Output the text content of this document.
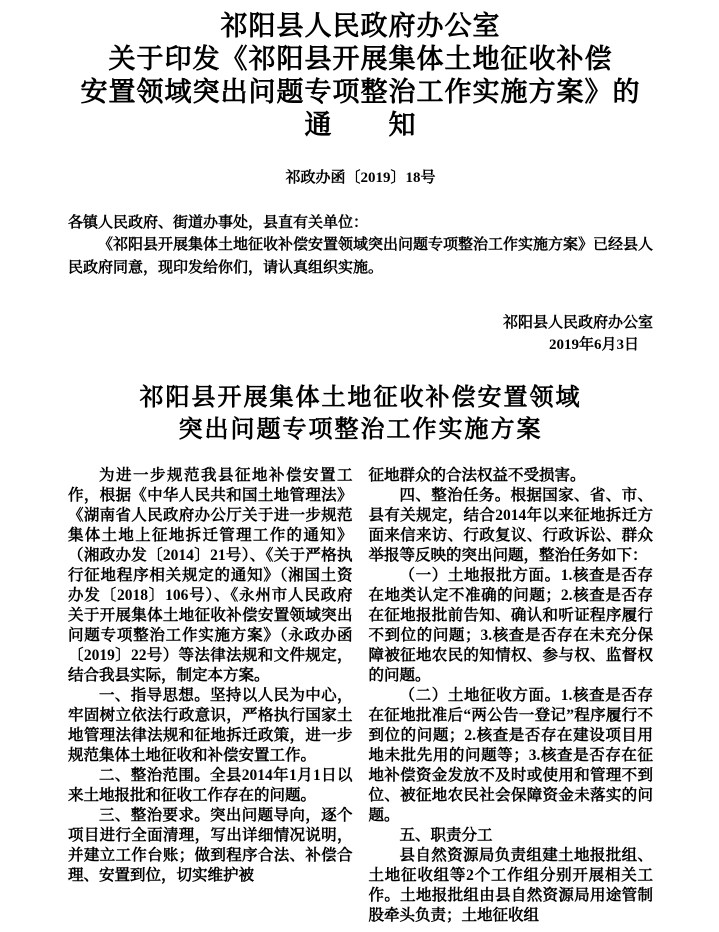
祁阳县人民政府办公室
关于印发《祁阳县开展集体土地征收补偿
安置领域突出问题专项整治工作实施方案》的
通　　知
祁政办函〔2019〕18号
各镇人民政府、街道办事处，县直有关单位：

《祁阳县开展集体土地征收补偿安置领域突出问题专项整治工作实施方案》已经县人民政府同意，现印发给你们，请认真组织实施。

祁阳县人民政府办公室
2019年6月3日
祁阳县开展集体土地征收补偿安置领域
突出问题专项整治工作实施方案

为进一步规范我县征地补偿安置工作，根据《中华人民共和国土地管理法》《湖南省人民政府办公厅关于进一步规范集体土地上征地拆迁管理工作的通知》（湘政办发〔2014〕21号）、《关于严格执行征地程序相关规定的通知》（湘国土资办发〔2018〕106号）、《永州市人民政府关于开展集体土地征收补偿安置领域突出问题专项整治工作实施方案》（永政办函〔2019〕22号）等法律法规和文件规定，结合我县实际，制定本方案。

一、指导思想。坚持以人民为中心，牢固树立依法行政意识，严格执行国家土地管理法律法规和征地拆迁政策，进一步规范集体土地征收和补偿安置工作。

二、整治范围。全县2014年1月1日以来土地报批和征收工作存在的问题。

三、整治要求。突出问题导向，逐个项目进行全面清理，写出详细情况说明，并建立工作台账；做到程序合法、补偿合理、安置到位，切实维护被

征地群众的合法权益不受损害。

四、整治任务。根据国家、省、市、县有关规定，结合2014年以来征地拆迁方面来信来访、行政复议、行政诉讼、群众举报等反映的突出问题，整治任务如下：

（一）土地报批方面。1.核查是否存在地类认定不准确的问题；2.核查是否存在征地报批前告知、确认和听证程序履行不到位的问题；3.核查是否存在未充分保障被征地农民的知情权、参与权、监督权的问题。

（二）土地征收方面。1.核查是否存在征地批准后“两公告一登记”程序履行不到位的问题；2.核查是否存在建设项目用地未批先用的问题等；3.核查是否存在征地补偿资金发放不及时或使用和管理不到位、被征地农民社会保障资金未落实的问题。

五、职责分工

县自然资源局负责组建土地报批组、土地征收组等2个工作组分别开展相关工作。土地报批组由县自然资源局用途管制股牵头负责；土地征收组
